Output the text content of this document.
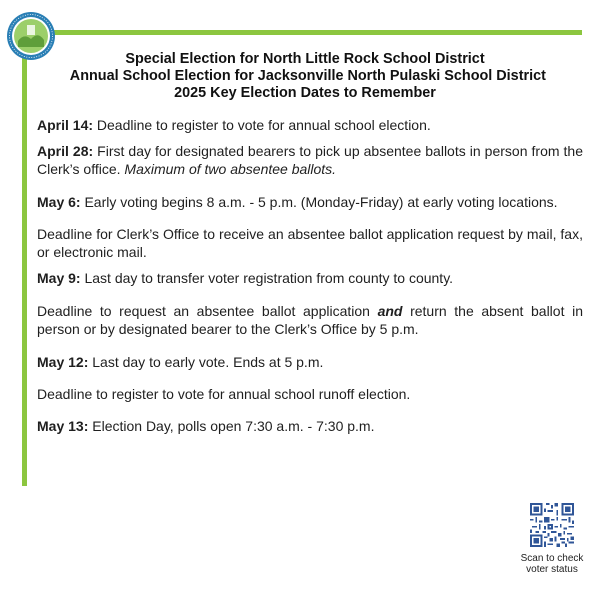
Special Election for North Little Rock School District
Annual School Election for Jacksonville North Pulaski School District
2025 Key Election Dates to Remember

April 14: Deadline to register to vote for annual school election.

April 28: First day for designated bearers to pick up absentee ballots in person from the Clerk’s office. Maximum of two absentee ballots.

May 6: Early voting begins 8 a.m. - 5 p.m. (Monday-Friday) at early voting locations.

Deadline for Clerk’s Office to receive an absentee ballot application request by mail, fax, or electronic mail.

May 9: Last day to transfer voter registration from county to county.

Deadline to request an absentee ballot application and return the absent ballot in person or by designated bearer to the Clerk’s Office by 5 p.m.

May 12: Last day to early vote. Ends at 5 p.m.

Deadline to register to vote for annual school runoff election.

May 13: Election Day, polls open 7:30 a.m. - 7:30 p.m.

Scan to check
voter status
